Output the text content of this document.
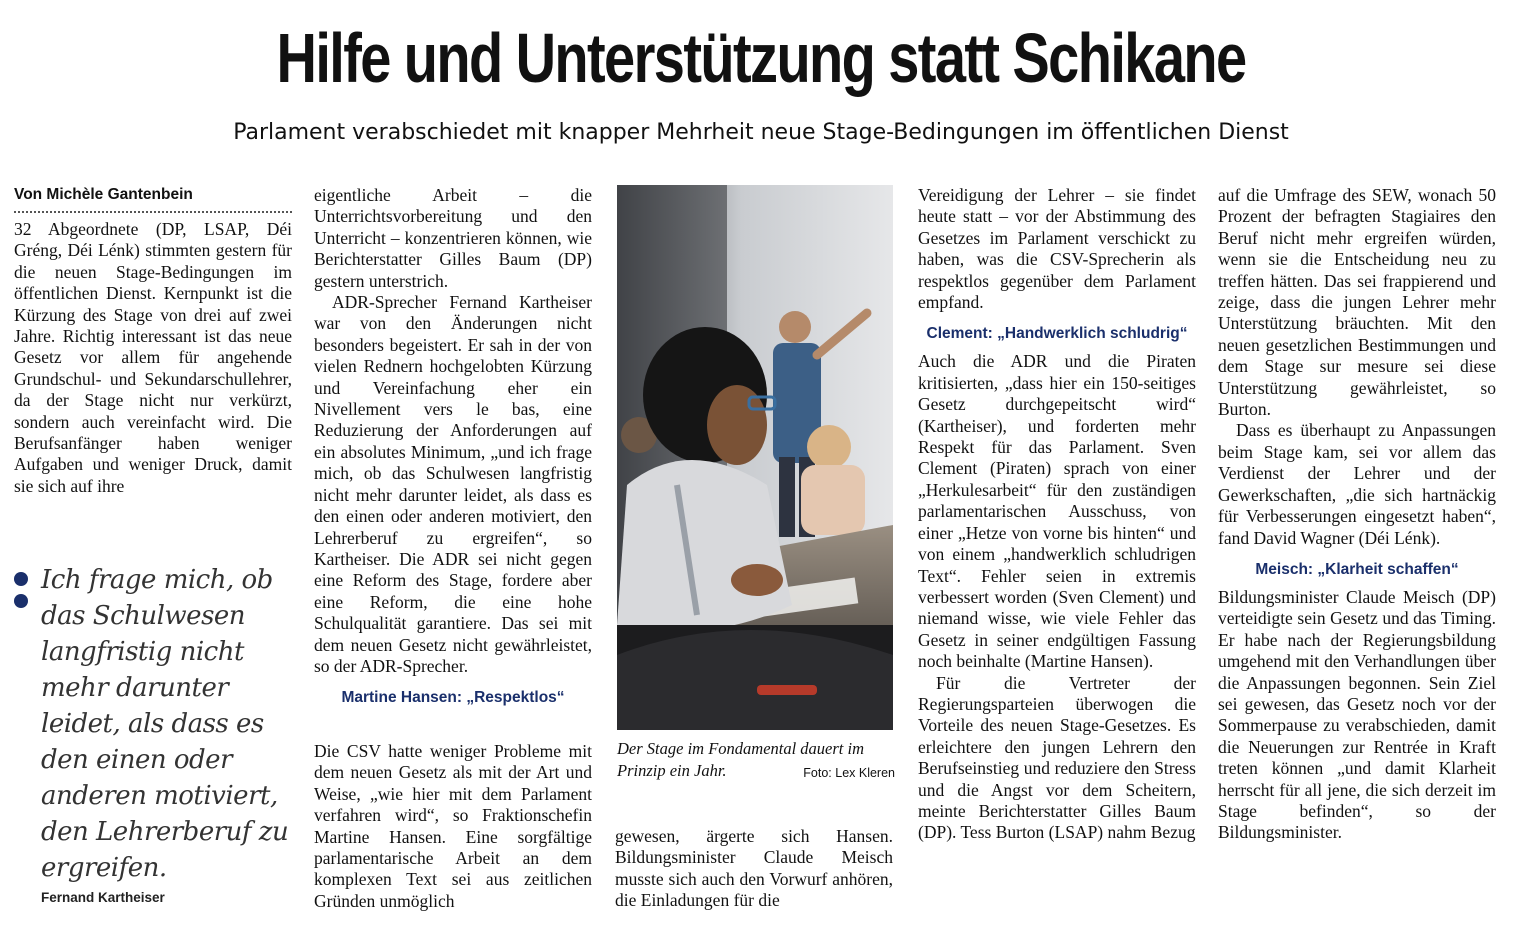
Hilfe und Unterstützung statt Schikane
Parlament verabschiedet mit knapper Mehrheit neue Stage-Bedingungen im öffentlichen Dienst
Von Michèle Gantenbein

32 Abgeordnete (DP, LSAP, Déi Gréng, Déi Lénk) stimmten gestern für die neuen Stage-Bedingungen im öffentlichen Dienst. Kernpunkt ist die Kürzung des Stage von drei auf zwei Jahre. Richtig interessant ist das neue Gesetz vor allem für angehende Grundschul- und Sekundarschullehrer, da der Stage nicht nur verkürzt, sondern auch vereinfacht wird. Die Berufsanfänger haben weniger Aufgaben und weniger Druck, damit sie sich auf ihre

Ich frage mich, ob das Schulwesen langfristig nicht mehr darunter leidet, als dass es den einen oder anderen motiviert, den Lehrerberuf zu ergreifen.
Fernand Kartheiser

eigentliche Arbeit – die Unterrichtsvorbereitung und den Unterricht – konzentrieren können, wie Berichterstatter Gilles Baum (DP) gestern unterstrich.

ADR-Sprecher Fernand Kartheiser war von den Änderungen nicht besonders begeistert. Er sah in der von vielen Rednern hochgelobten Kürzung und Vereinfachung eher ein Nivellement vers le bas, eine Reduzierung der Anforderungen auf ein absolutes Minimum, „und ich frage mich, ob das Schulwesen langfristig nicht mehr darunter leidet, als dass es den einen oder anderen motiviert, den Lehrerberuf zu ergreifen“, so Kartheiser. Die ADR sei nicht gegen eine Reform des Stage, fordere aber eine Reform, die eine hohe Schulqualität garantiere. Das sei mit dem neuen Gesetz nicht gewährleistet, so der ADR-Sprecher.

Martine Hansen: „Respektlos“

Die CSV hatte weniger Probleme mit dem neuen Gesetz als mit der Art und Weise, „wie hier mit dem Parlament verfahren wird“, so Fraktionschefin Martine Hansen. Eine sorgfältige parlamentarische Arbeit an dem komplexen Text sei aus zeitlichen Gründen unmöglich

Der Stage im Fondamental dauert im Prinzip ein Jahr.	Foto: Lex Kleren

gewesen, ärgerte sich Hansen. Bildungsminister Claude Meisch musste sich auch den Vorwurf anhören, die Einladungen für die

Vereidigung der Lehrer – sie findet heute statt – vor der Abstimmung des Gesetzes im Parlament verschickt zu haben, was die CSV-Sprecherin als respektlos gegenüber dem Parlament empfand.

Clement: „Handwerklich schludrig“

Auch die ADR und die Piraten kritisierten, „dass hier ein 150-seitiges Gesetz durchgepeitscht wird“ (Kartheiser), und forderten mehr Respekt für das Parlament. Sven Clement (Piraten) sprach von einer „Herkulesarbeit“ für den zuständigen parlamentarischen Ausschuss, von einer „Hetze von vorne bis hinten“ und von einem „handwerklich schludrigen Text“. Fehler seien in extremis verbessert worden (Sven Clement) und niemand wisse, wie viele Fehler das Gesetz in seiner endgültigen Fassung noch beinhalte (Martine Hansen).

Für die Vertreter der Regierungsparteien überwogen die Vorteile des neuen Stage-Gesetzes. Es erleichtere den jungen Lehrern den Berufseinstieg und reduziere den Stress und die Angst vor dem Scheitern, meinte Berichterstatter Gilles Baum (DP). Tess Burton (LSAP) nahm Bezug

auf die Umfrage des SEW, wonach 50 Prozent der befragten Stagiaires den Beruf nicht mehr ergreifen würden, wenn sie die Entscheidung neu zu treffen hätten. Das sei frappierend und zeige, dass die jungen Lehrer mehr Unterstützung bräuchten. Mit den neuen gesetzlichen Bestimmungen und dem Stage sur mesure sei diese Unterstützung gewährleistet, so Burton.

Dass es überhaupt zu Anpassungen beim Stage kam, sei vor allem das Verdienst der Lehrer und der Gewerkschaften, „die sich hartnäckig für Verbesserungen eingesetzt haben“, fand David Wagner (Déi Lénk).

Meisch: „Klarheit schaffen“

Bildungsminister Claude Meisch (DP) verteidigte sein Gesetz und das Timing. Er habe nach der Regierungsbildung umgehend mit den Verhandlungen über die Anpassungen begonnen. Sein Ziel sei gewesen, das Gesetz noch vor der Sommerpause zu verabschieden, damit die Neuerungen zur Rentrée in Kraft treten können „und damit Klarheit herrscht für all jene, die sich derzeit im Stage befinden“, so der Bildungsminister.
